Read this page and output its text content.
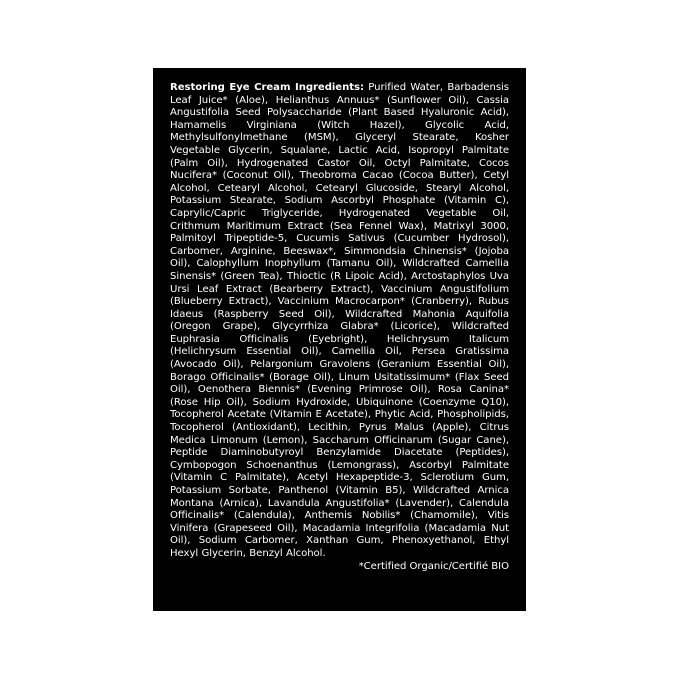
Restoring Eye Cream Ingredients: Purified Water, Barbadensis Leaf Juice* (Aloe), Helianthus Annuus* (Sunflower Oil), Cassia Angustifolia Seed Polysaccharide (Plant Based Hyaluronic Acid), Hamamelis Virginiana (Witch Hazel), Glycolic Acid, Methylsulfonylmethane (MSM), Glyceryl Stearate, Kosher Vegetable Glycerin, Squalane, Lactic Acid, Isopropyl Palmitate (Palm Oil), Hydrogenated Castor Oil, Octyl Palmitate, Cocos Nucifera* (Coconut Oil), Theobroma Cacao (Cocoa Butter), Cetyl Alcohol, Cetearyl Alcohol, Cetearyl Glucoside, Stearyl Alcohol, Potassium Stearate, Sodium Ascorbyl Phosphate (Vitamin C), Caprylic/Capric Triglyceride, Hydrogenated Vegetable Oil, Crithmum Maritimum Extract (Sea Fennel Wax), Matrixyl 3000, Palmitoyl Tripeptide-5, Cucumis Sativus (Cucumber Hydrosol), Carbomer, Arginine, Beeswax*, Simmondsia Chinensis* (Jojoba Oil), Calophyllum Inophyllum (Tamanu Oil), Wildcrafted Camellia Sinensis* (Green Tea), Thioctic (R Lipoic Acid), Arctostaphylos Uva Ursi Leaf Extract (Bearberry Extract), Vaccinium Angustifolium (Blueberry Extract), Vaccinium Macrocarpon* (Cranberry), Rubus Idaeus (Raspberry Seed Oil), Wildcrafted Mahonia Aquifolia (Oregon Grape), Glycyrrhiza Glabra* (Licorice), Wildcrafted Euphrasia Officinalis (Eyebright), Helichrysum Italicum (Helichrysum Essential Oil), Camellia Oil, Persea Gratissima (Avocado Oil), Pelargonium Gravolens (Geranium Essential Oil), Borago Officinalis* (Borage Oil), Linum Usitatissimum* (Flax Seed Oil), Oenothera Biennis* (Evening Primrose Oil), Rosa Canina* (Rose Hip Oil), Sodium Hydroxide, Ubiquinone (Coenzyme Q10), Tocopherol Acetate (Vitamin E Acetate), Phytic Acid, Phospholipids, Tocopherol (Antioxidant), Lecithin, Pyrus Malus (Apple), Citrus Medica Limonum (Lemon), Saccharum Officinarum (Sugar Cane), Peptide Diaminobutyroyl Benzylamide Diacetate (Peptides), Cymbopogon Schoenanthus (Lemongrass), Ascorbyl Palmitate (Vitamin C Palmitate), Acetyl Hexapeptide-3, Sclerotium Gum, Potassium Sorbate, Panthenol (Vitamin B5), Wildcrafted Arnica Montana (Arnica), Lavandula Angustifolia* (Lavender), Calendula Officinalis* (Calendula), Anthemis Nobilis* (Chamomile), Vitis Vinifera (Grapeseed Oil), Macadamia Integrifolia (Macadamia Nut Oil), Sodium Carbomer, Xanthan Gum, Phenoxyethanol, Ethyl Hexyl Glycerin, Benzyl Alcohol.

*Certified Organic/Certifié BIO
